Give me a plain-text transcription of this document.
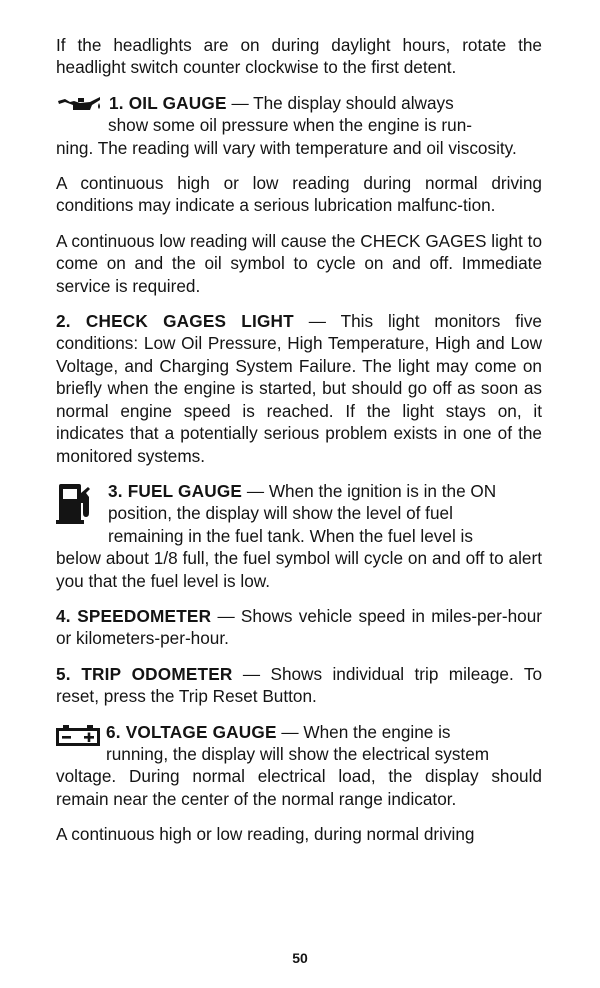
If the headlights are on during daylight hours, rotate the headlight switch counter clockwise to the first detent.

1. OIL GAUGE — The display should always

show some oil pressure when the engine is run-

ning. The reading will vary with temperature and oil viscosity.

A continuous high or low reading during normal driving conditions may indicate a serious lubrication malfunc-tion.

A continuous low reading will cause the CHECK GAGES light to come on and the oil symbol to cycle on and off. Immediate service is required.

2. CHECK GAGES LIGHT — This light monitors five conditions: Low Oil Pressure, High Temperature, High and Low Voltage, and Charging System Failure. The light may come on briefly when the engine is started, but should go off as soon as normal engine speed is reached. If the light stays on, it indicates that a potentially serious problem exists in one of the monitored systems.

3. FUEL GAUGE — When the ignition is in the ON

position, the display will show the level of fuel

remaining in the fuel tank. When the fuel level is

below about 1/8 full, the fuel symbol will cycle on and off to alert you that the fuel level is low.

4. SPEEDOMETER — Shows vehicle speed in miles-per-hour or kilometers-per-hour.

5. TRIP ODOMETER — Shows individual trip mileage. To reset, press the Trip Reset Button.

6. VOLTAGE GAUGE — When the engine is

running, the display will show the electrical system

voltage. During normal electrical load, the display should remain near the center of the normal range indicator.

A continuous high or low reading, during normal driving

50
